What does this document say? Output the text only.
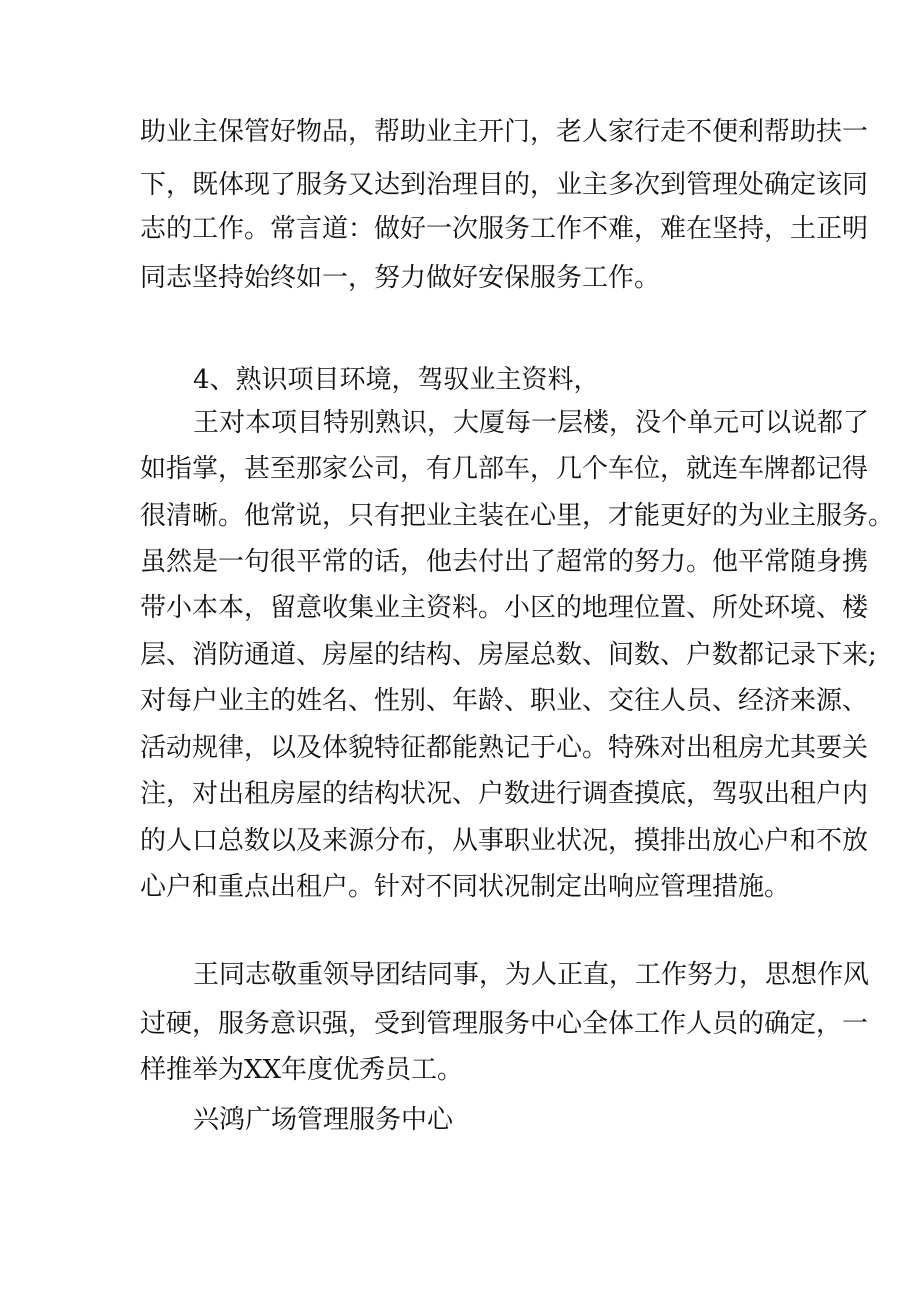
助业主保管好物品，帮助业主开门，老人家行走不便利帮助扶一
下，既体现了服务又达到治理目的，业主多次到管理处确定该同
志的工作。常言道：做好一次服务工作不难，难在坚持，土正明
同志坚持始终如一，努力做好安保服务工作。
4、熟识项目环境，驾驭业主资料，
王对本项目特别熟识，大厦每一层楼，没个单元可以说都了
如指掌，甚至那家公司，有几部车，几个车位，就连车牌都记得
很清晰。他常说，只有把业主装在心里，才能更好的为业主服务。
虽然是一句很平常的话，他去付出了超常的努力。他平常随身携
带小本本，留意收集业主资料。小区的地理位置、所处环境、楼
层、消防通道、房屋的结构、房屋总数、间数、户数都记录下来;
对每户业主的姓名、性别、年龄、职业、交往人员、经济来源、
活动规律，以及体貌特征都能熟记于心。特殊对出租房尤其要关
注，对出租房屋的结构状况、户数进行调查摸底，驾驭出租户内
的人口总数以及来源分布，从事职业状况，摸排出放心户和不放
心户和重点出租户。针对不同状况制定出响应管理措施。
王同志敬重领导团结同事，为人正直，工作努力，思想作风
过硬，服务意识强，受到管理服务中心全体工作人员的确定，一
样推举为XX年度优秀员工。
兴鸿广场管理服务中心
